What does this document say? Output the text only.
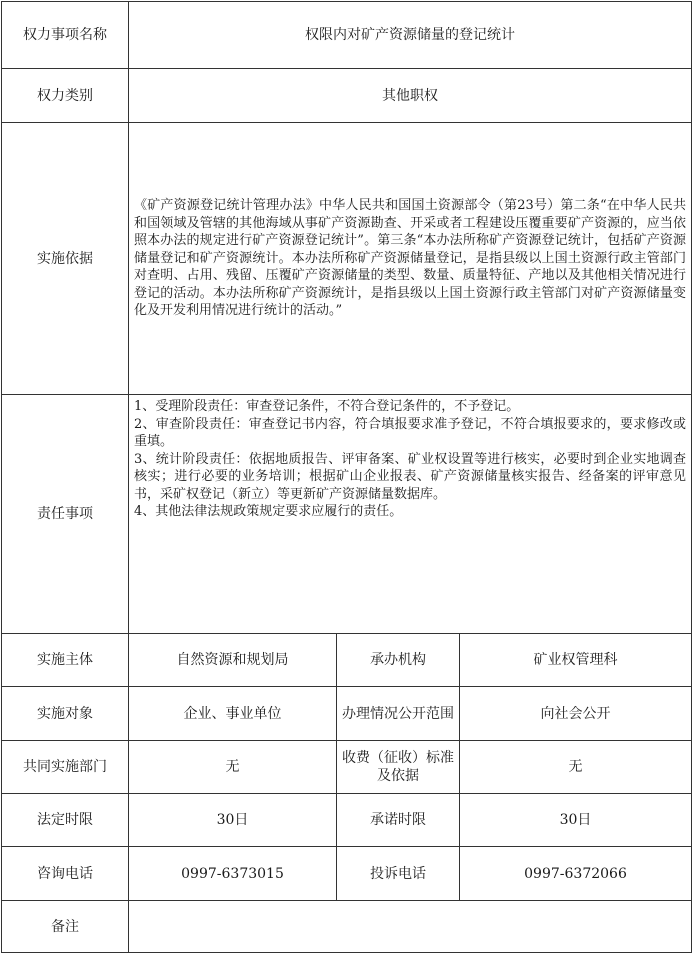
权力事项名称	权限内对矿产资源储量的登记统计		
权力类别	其他职权		
实施依据	《矿产资源登记统计管理办法》中华人民共和国国土资源部令（第23号）第二条“在中华人民共和国领域及管辖的其他海域从事矿产资源勘查、开采或者工程建设压覆重要矿产资源的，应当依照本办法的规定进行矿产资源登记统计”。第三条“本办法所称矿产资源登记统计，包括矿产资源储量登记和矿产资源统计。本办法所称矿产资源储量登记，是指县级以上国土资源行政主管部门对查明、占用、残留、压覆矿产资源储量的类型、数量、质量特征、产地以及其他相关情况进行登记的活动。本办法所称矿产资源统计，是指县级以上国土资源行政主管部门对矿产资源储量变化及开发利用情况进行统计的活动。”		
责任事项	1、受理阶段责任：审查登记条件，不符合登记条件的，不予登记。
2、审查阶段责任：审查登记书内容，符合填报要求准予登记，不符合填报要求的，要求修改或重填。
3、统计阶段责任：依据地质报告、评审备案、矿业权设置等进行核实，必要时到企业实地调查核实；进行必要的业务培训；根据矿山企业报表、矿产资源储量核实报告、经备案的评审意见书，采矿权登记（新立）等更新矿产资源储量数据库。
4、其他法律法规政策规定要求应履行的责任。		

实施主体	自然资源和规划局	承办机构	矿业权管理科
实施对象	企业、事业单位	办理情况公开范围	向社会公开
共同实施部门	无	收费（征收）标准及依据	无
法定时限	30日	承诺时限	30日
咨询电话	0997-6373015	投诉电话	0997-6372066
备注			
